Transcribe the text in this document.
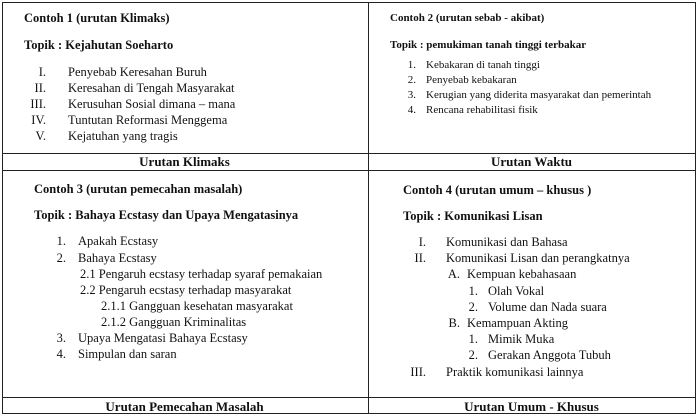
Contoh 1 (urutan Klimaks)
Topik : Kejahutan Soeharto
I. Penyebab Keresahan Buruh
II. Keresahan di Tengah Masyarakat
III. Kerusuhan Sosial dimana – mana
IV. Tuntutan Reformasi Menggema
V. Kejatuhan yang tragis
Contoh 2 (urutan sebab - akibat)
Topik : pemukiman tanah tinggi terbakar
1. Kebakaran di tanah tinggi
2. Penyebab kebakaran
3. Kerugian yang diderita masyarakat dan pemerintah
4. Rencana rehabilitasi fisik
Urutan Klimaks	Urutan Waktu
Contoh 3 (urutan pemecahan masalah)
Topik : Bahaya Ecstasy dan Upaya Mengatasinya
1. Apakah Ecstasy
2. Bahaya Ecstasy
2.1 Pengaruh ecstasy terhadap syaraf pemakaian
2.2 Pengaruh ecstasy terhadap masyarakat
2.1.1 Gangguan kesehatan masyarakat
2.1.2 Gangguan Kriminalitas
3. Upaya Mengatasi Bahaya Ecstasy
4. Simpulan dan saran
Contoh 4 (urutan umum – khusus )
Topik : Komunikasi Lisan
I. Komunikasi dan Bahasa
II. Komunikasi Lisan dan perangkatnya
A. Kempuan kebahasaan
1. Olah Vokal
2. Volume dan Nada suara
B. Kemampuan Akting
1. Mimik Muka
2. Gerakan Anggota Tubuh
III. Praktik komunikasi lainnya
Urutan Pemecahan Masalah	Urutan Umum - Khusus
